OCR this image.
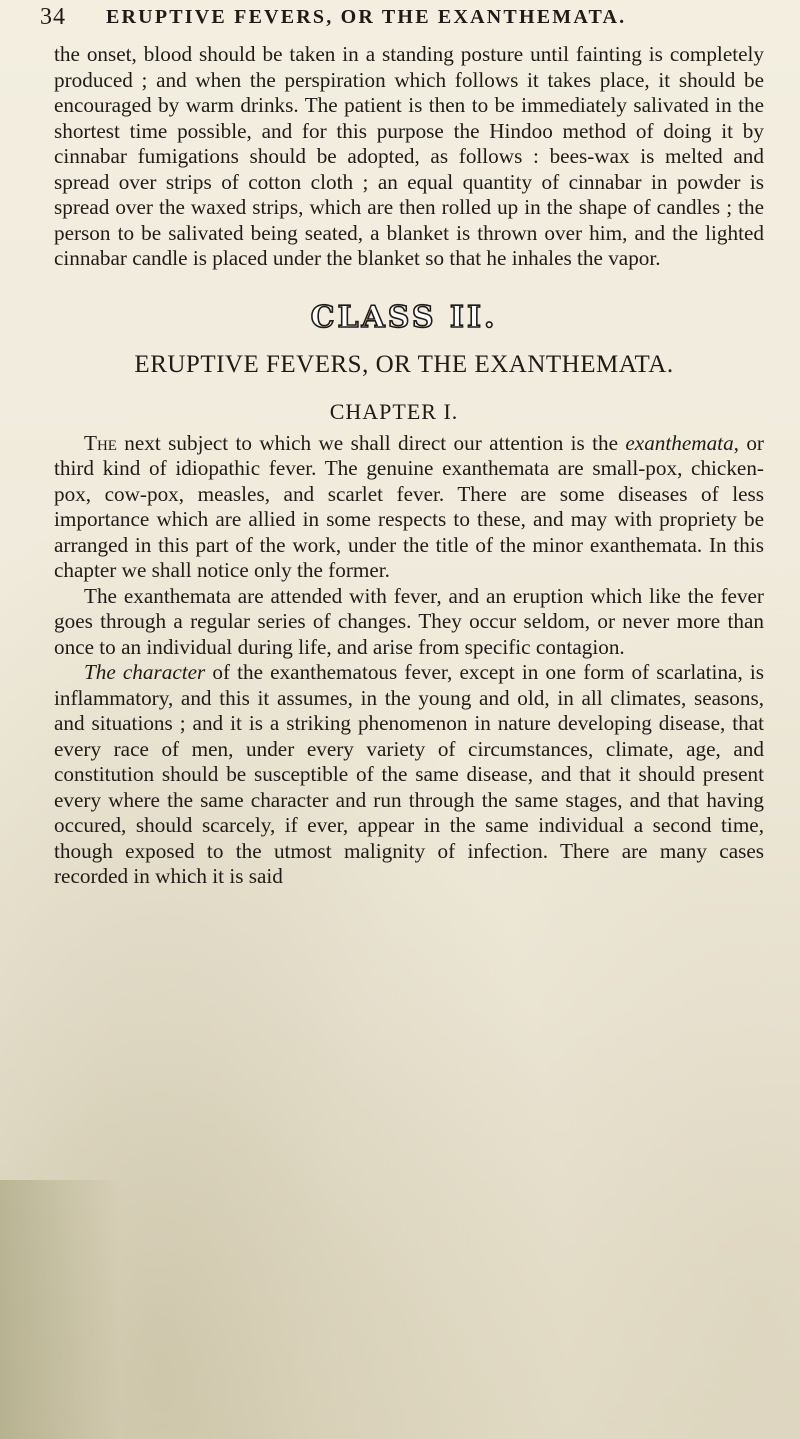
34 ERUPTIVE FEVERS, OR THE EXANTHEMATA.

the onset, blood should be taken in a standing posture until fainting is completely produced ; and when the perspiration which follows it takes place, it should be encouraged by warm drinks. The patient is then to be immediately salivated in the shortest time possible, and for this purpose the Hindoo method of doing it by cinnabar fumigations should be adopted, as follows : bees-wax is melted and spread over strips of cotton cloth ; an equal quantity of cinnabar in powder is spread over the waxed strips, which are then rolled up in the shape of candles ; the person to be salivated being seated, a blanket is thrown over him, and the lighted cinnabar candle is placed under the blanket so that he inhales the vapor.

CLASS II.
ERUPTIVE FEVERS, OR THE EXANTHEMATA.
CHAPTER I.

The next subject to which we shall direct our attention is the exanthemata, or third kind of idiopathic fever. The genuine exanthemata are small-pox, chicken-pox, cow-pox, measles, and scarlet fever. There are some diseases of less importance which are allied in some respects to these, and may with propriety be arranged in this part of the work, under the title of the minor exanthemata. In this chapter we shall notice only the former.

The exanthemata are attended with fever, and an eruption which like the fever goes through a regular series of changes. They occur seldom, or never more than once to an individual during life, and arise from specific contagion.

The character of the exanthematous fever, except in one form of scarlatina, is inflammatory, and this it assumes, in the young and old, in all climates, seasons, and situations ; and it is a striking phenomenon in nature developing disease, that every race of men, under every variety of circumstances, climate, age, and constitution should be susceptible of the same disease, and that it should present every where the same character and run through the same stages, and that having occured, should scarcely, if ever, appear in the same individual a second time, though exposed to the utmost malignity of infection. There are many cases recorded in which it is said
